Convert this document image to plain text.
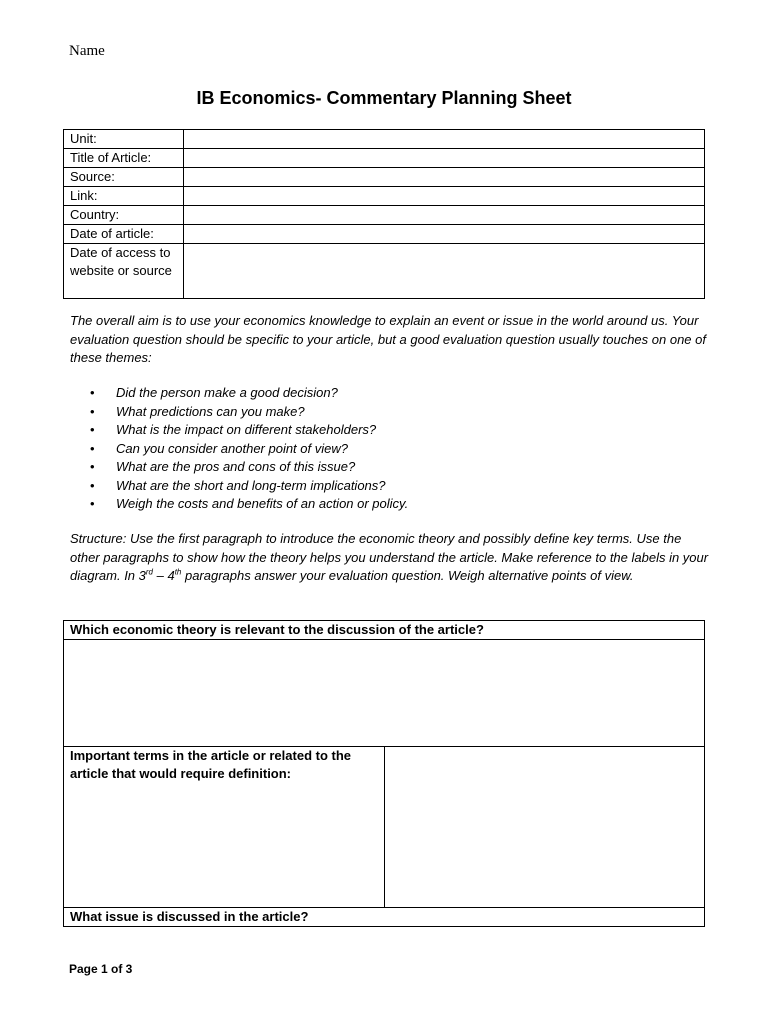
Name
IB Economics- Commentary Planning Sheet
Unit:	
Title of Article:	
Source:	
Link:	
Country:	
Date of article:	
Date of access to website or source	
The overall aim is to use your economics knowledge to explain an event or issue in the world around us. Your evaluation question should be specific to your article, but a good evaluation question usually touches on one of these themes:
• Did the person make a good decision?
• What predictions can you make?
• What is the impact on different stakeholders?
• Can you consider another point of view?
• What are the pros and cons of this issue?
• What are the short and long-term implications?
• Weigh the costs and benefits of an action or policy.
Structure: Use the first paragraph to introduce the economic theory and possibly define key terms. Use the other paragraphs to show how the theory helps you understand the article. Make reference to the labels in your diagram. In 3rd – 4th paragraphs answer your evaluation question. Weigh alternative points of view.
Which economic theory is relevant to the discussion of the article?

Important terms in the article or related to the article that would require definition:	
What issue is discussed in the article?
Page 1 of 3
